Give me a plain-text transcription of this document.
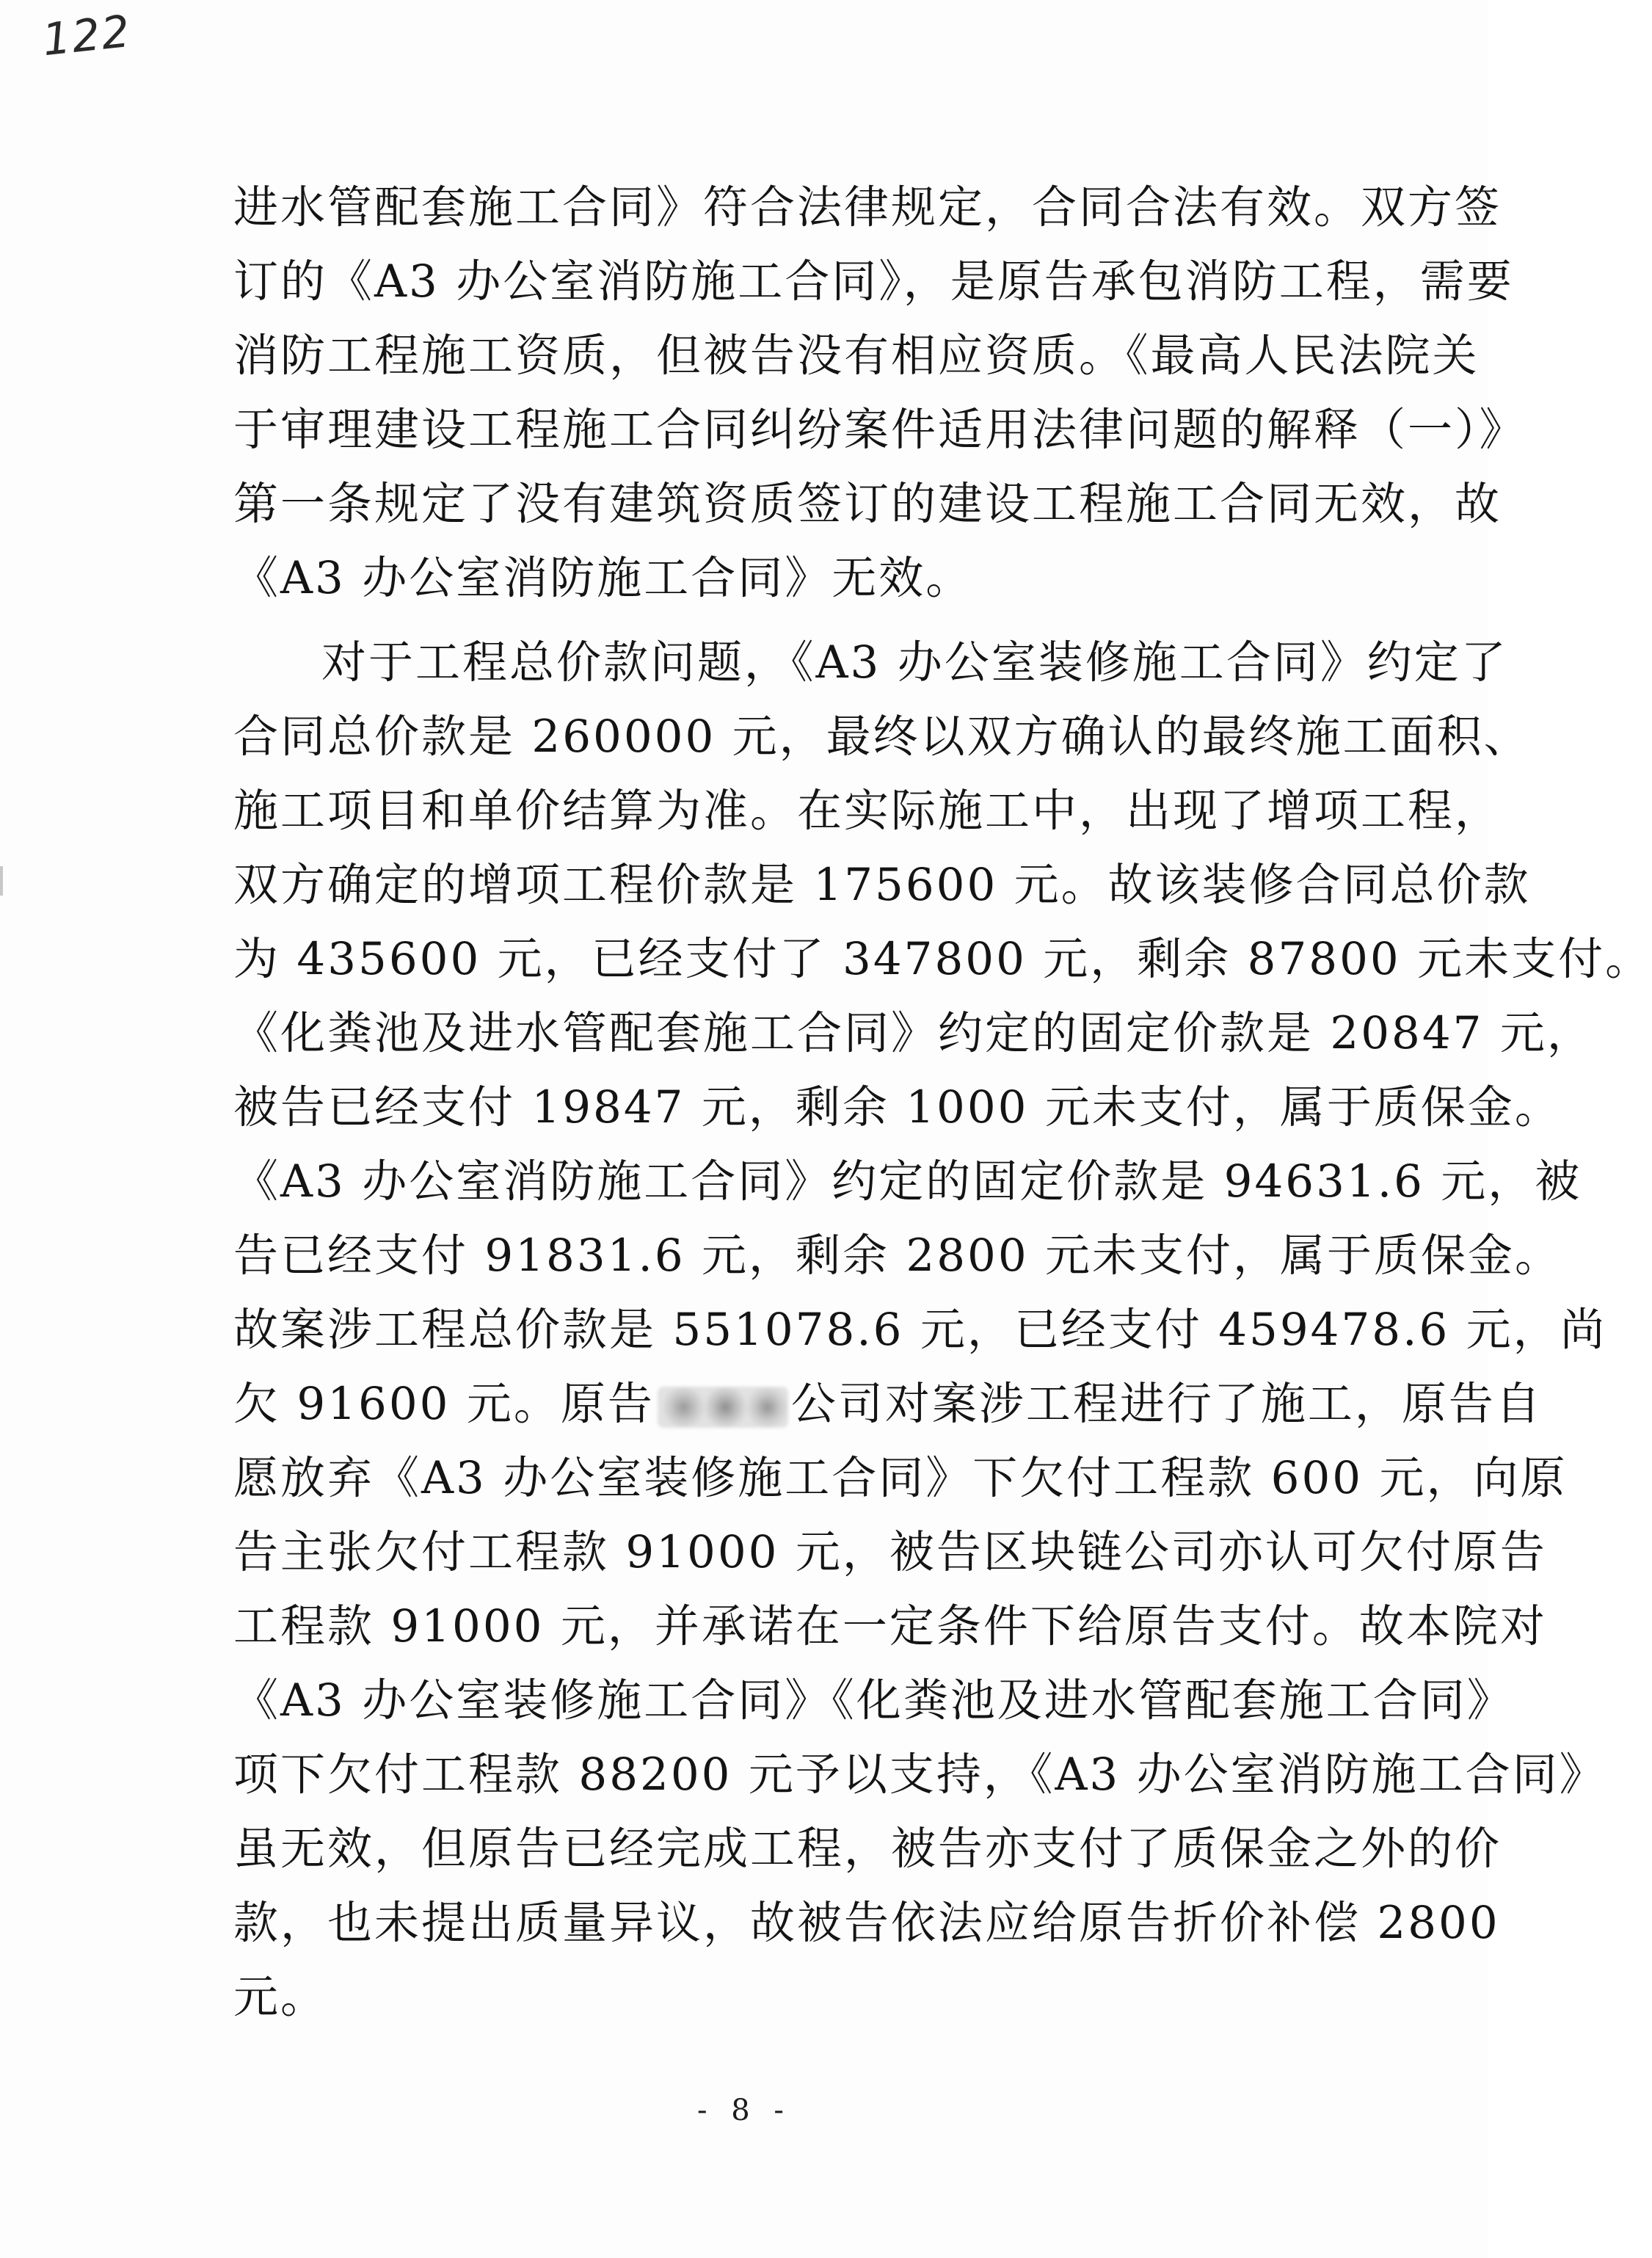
122
进水管配套施工合同》符合法律规定，合同合法有效。双方签
订的《A3 办公室消防施工合同》，是原告承包消防工程，需要
消防工程施工资质，但被告没有相应资质。《最高人民法院关
于审理建设工程施工合同纠纷案件适用法律问题的解释（一）》
第一条规定了没有建筑资质签订的建设工程施工合同无效，故
《A3 办公室消防施工合同》无效。
对于工程总价款问题，《A3 办公室装修施工合同》约定了
合同总价款是 260000 元，最终以双方确认的最终施工面积、
施工项目和单价结算为准。在实际施工中，出现了增项工程，
双方确定的增项工程价款是 175600 元。故该装修合同总价款
为 435600 元，已经支付了 347800 元，剩余 87800 元未支付。
《化粪池及进水管配套施工合同》约定的固定价款是 20847 元，
被告已经支付 19847 元，剩余 1000 元未支付，属于质保金。
《A3 办公室消防施工合同》约定的固定价款是 94631.6 元，被
告已经支付 91831.6 元，剩余 2800 元未支付，属于质保金。
故案涉工程总价款是 551078.6 元，已经支付 459478.6 元，尚
欠 91600 元。原告	公司对案涉工程进行了施工，原告自
愿放弃《A3 办公室装修施工合同》下欠付工程款 600 元，向原
告主张欠付工程款 91000 元，被告区块链公司亦认可欠付原告
工程款 91000 元，并承诺在一定条件下给原告支付。故本院对
《A3 办公室装修施工合同》《化粪池及进水管配套施工合同》
项下欠付工程款 88200 元予以支持，《A3 办公室消防施工合同》
虽无效，但原告已经完成工程，被告亦支付了质保金之外的价
款，也未提出质量异议，故被告依法应给原告折价补偿 2800
元。
- 8 -
